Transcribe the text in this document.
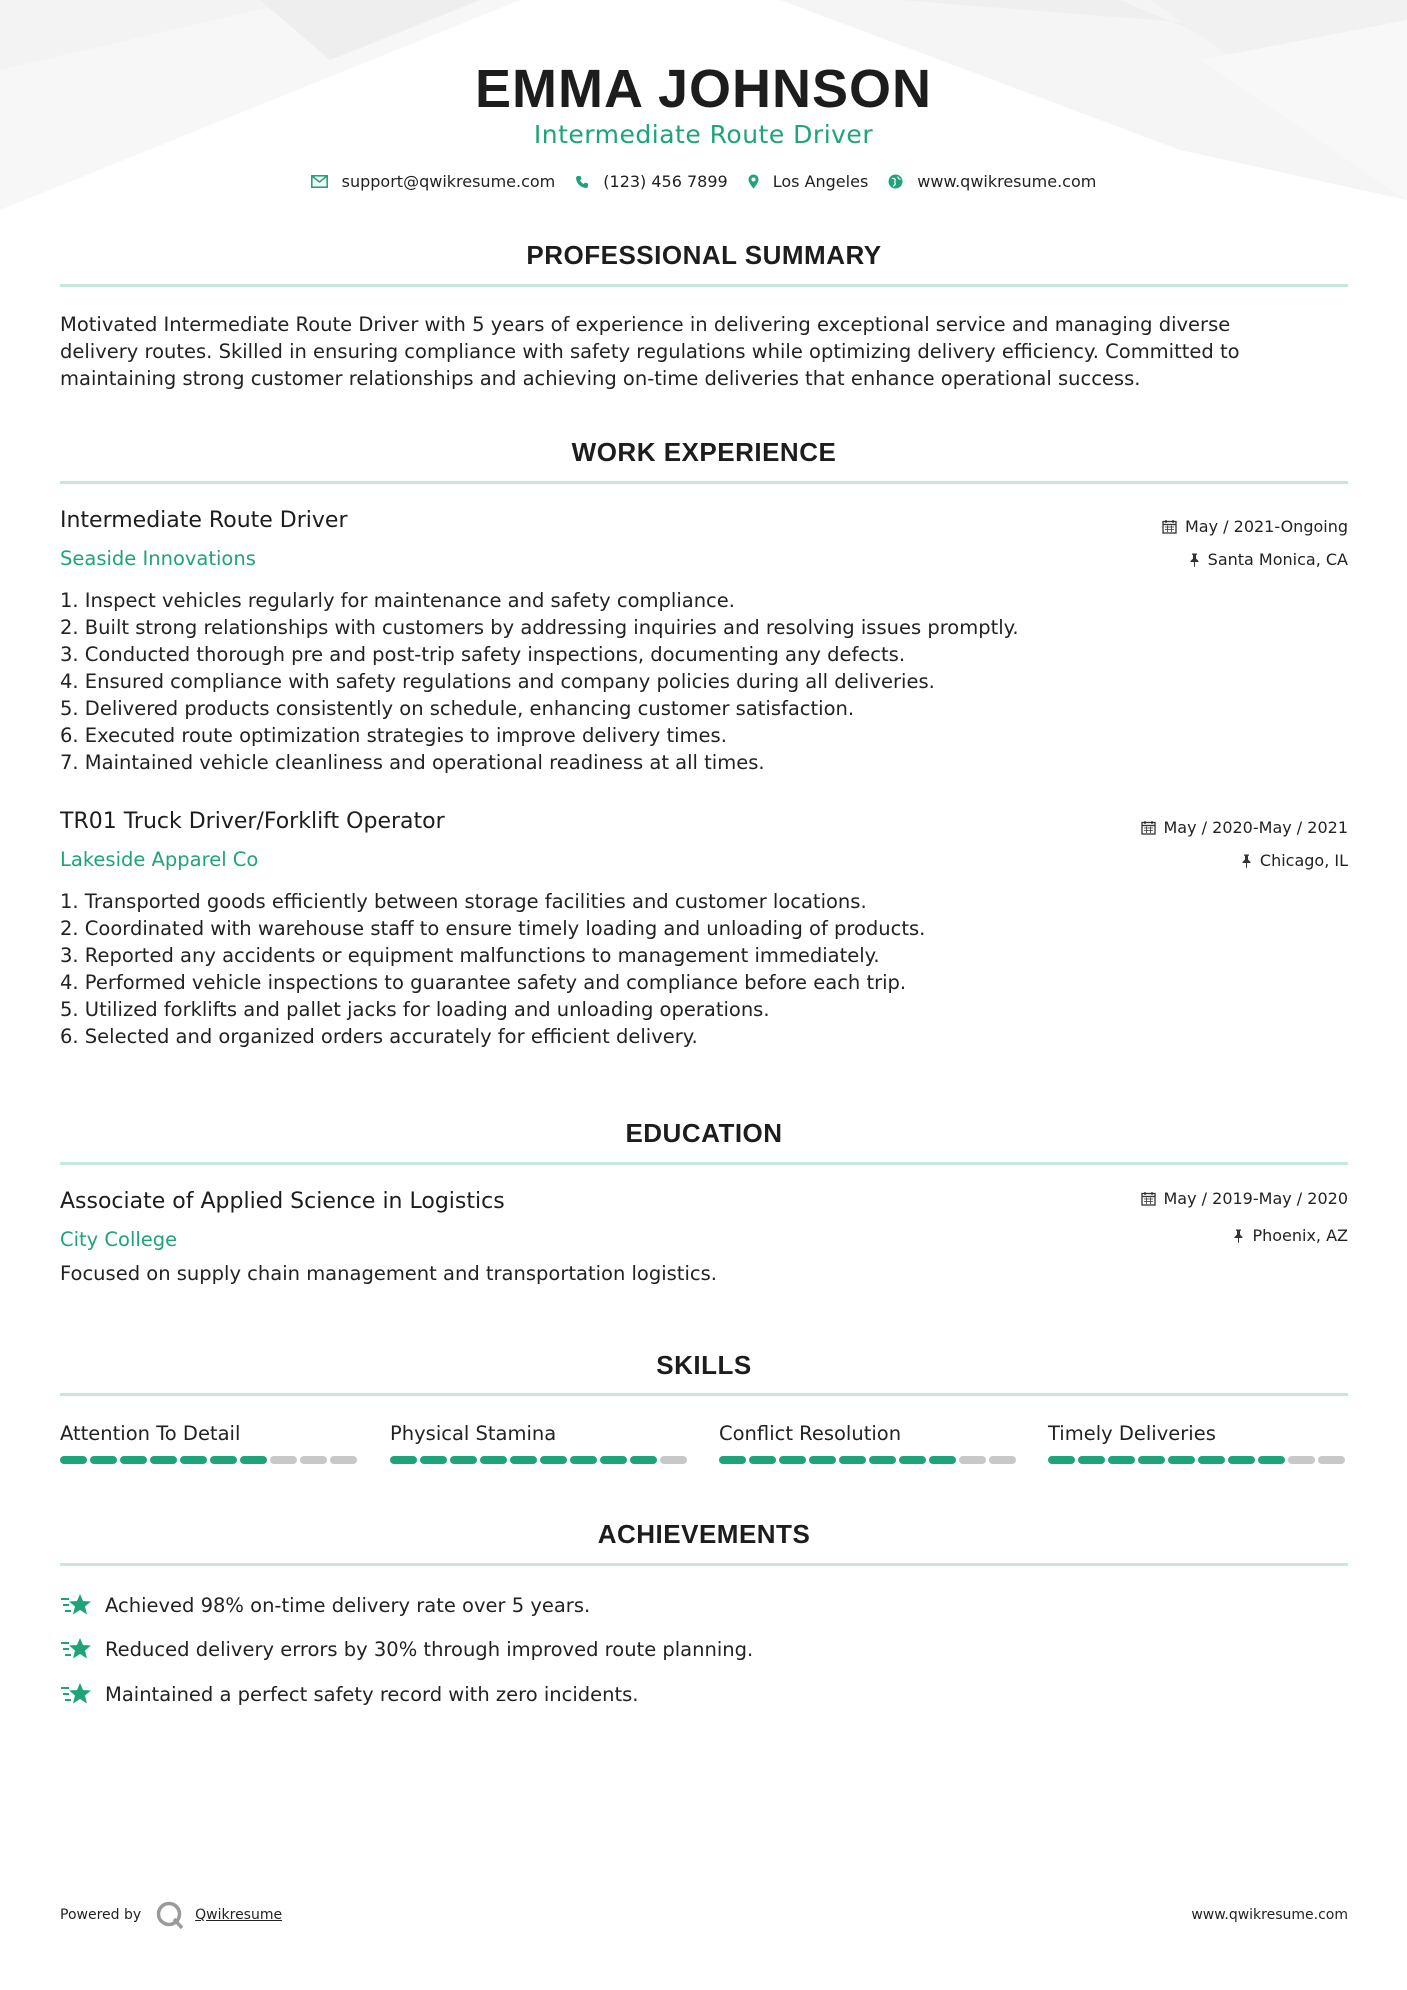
EMMA JOHNSON
Intermediate Route Driver
support@qwikresume.com	(123) 456 7899	Los Angeles	www.qwikresume.com
PROFESSIONAL SUMMARY
Motivated Intermediate Route Driver with 5 years of experience in delivering exceptional service and managing diverse
delivery routes. Skilled in ensuring compliance with safety regulations while optimizing delivery efficiency. Committed to
maintaining strong customer relationships and achieving on-time deliveries that enhance operational success.
WORK EXPERIENCE
Intermediate Route Driver
Seaside Innovations
May / 2021-Ongoing
Santa Monica, CA
1. Inspect vehicles regularly for maintenance and safety compliance.
2. Built strong relationships with customers by addressing inquiries and resolving issues promptly.
3. Conducted thorough pre and post-trip safety inspections, documenting any defects.
4. Ensured compliance with safety regulations and company policies during all deliveries.
5. Delivered products consistently on schedule, enhancing customer satisfaction.
6. Executed route optimization strategies to improve delivery times.
7. Maintained vehicle cleanliness and operational readiness at all times.
TR01 Truck Driver/Forklift Operator
Lakeside Apparel Co
May / 2020-May / 2021
Chicago, IL
1. Transported goods efficiently between storage facilities and customer locations.
2. Coordinated with warehouse staff to ensure timely loading and unloading of products.
3. Reported any accidents or equipment malfunctions to management immediately.
4. Performed vehicle inspections to guarantee safety and compliance before each trip.
5. Utilized forklifts and pallet jacks for loading and unloading operations.
6. Selected and organized orders accurately for efficient delivery.
EDUCATION
Associate of Applied Science in Logistics
City College
May / 2019-May / 2020
Phoenix, AZ
Focused on supply chain management and transportation logistics.
SKILLS
Attention To Detail	Physical Stamina	Conflict Resolution	Timely Deliveries
ACHIEVEMENTS
Achieved 98% on-time delivery rate over 5 years.
Reduced delivery errors by 30% through improved route planning.
Maintained a perfect safety record with zero incidents.
Powered by	Qwikresume	www.qwikresume.com
